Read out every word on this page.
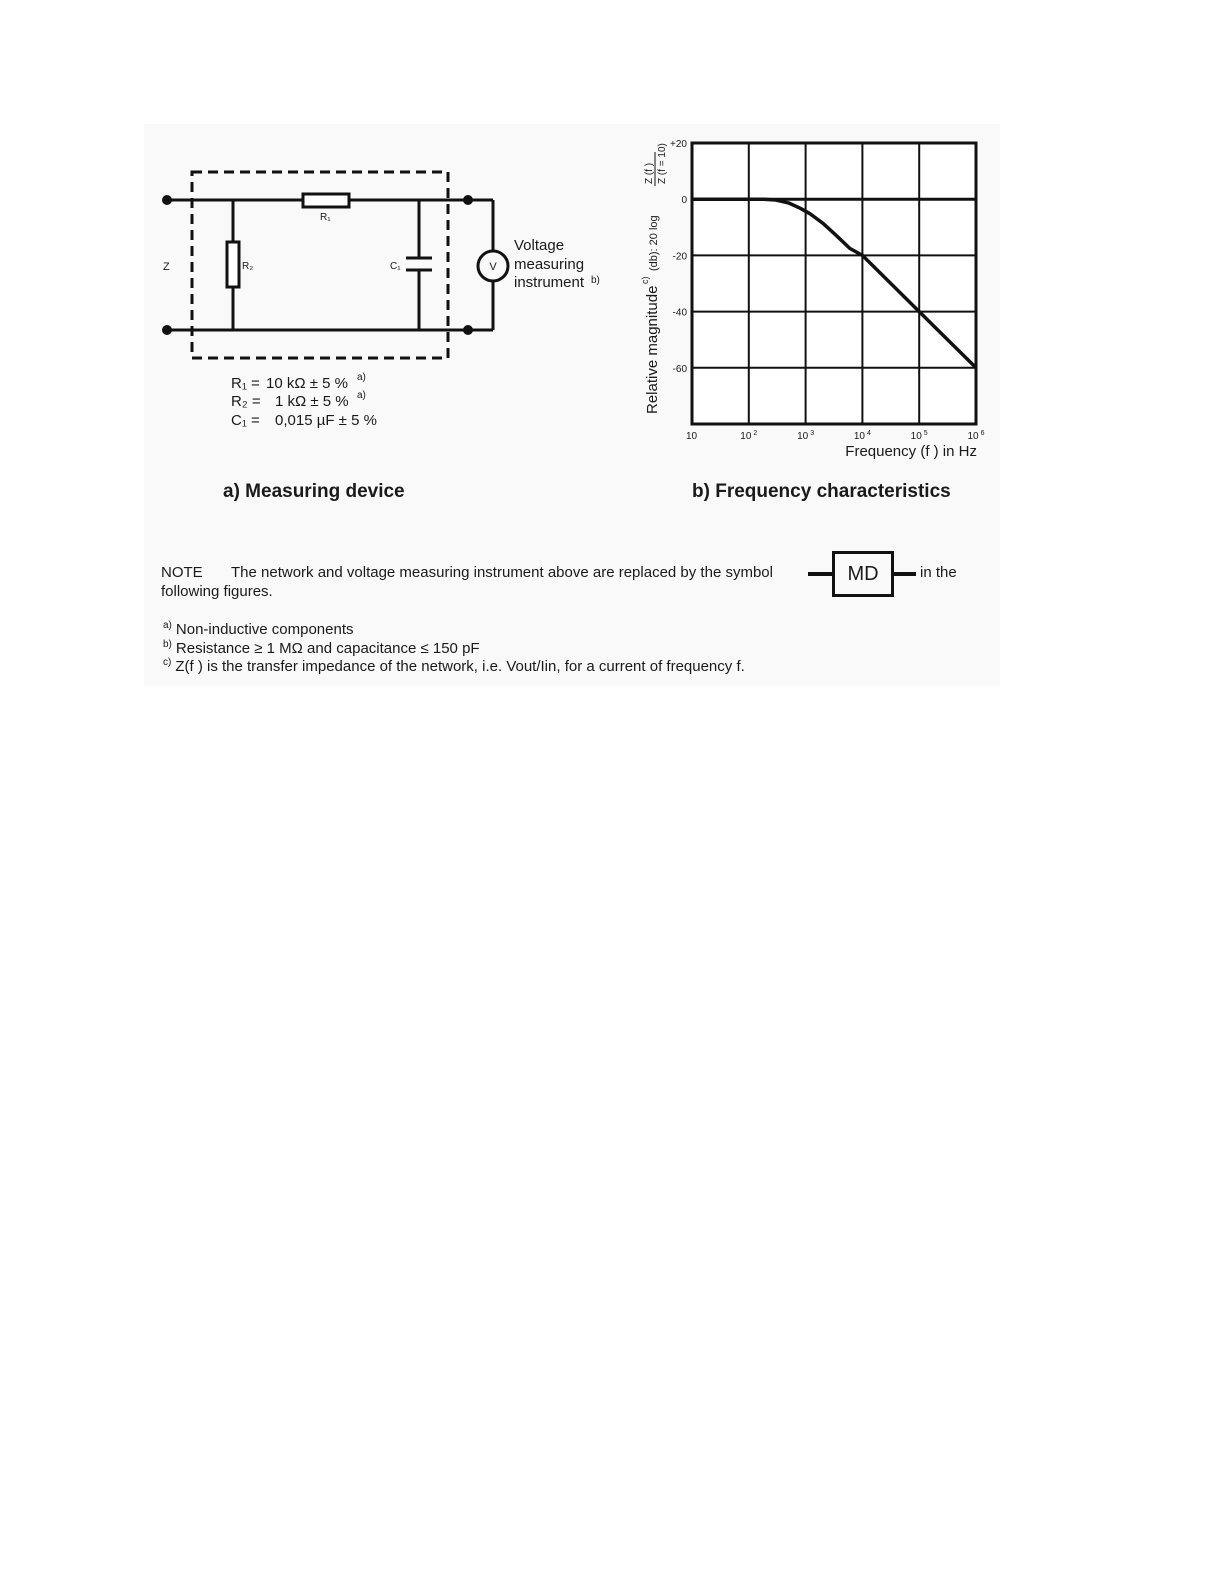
Z
R₁
R₂	C₁	V
Voltage
measuring
instrument b)
R₁ = 10 kΩ ± 5 % a)
R₂ = 1 kΩ ± 5 % a)
C₁ = 0,015 µF ± 5 %
a) Measuring device
10	10 $^2$	10 $^3$	10 $^4$	10 $^5$	10 $^6$
+20
0
-20
-40
-60
b) Frequency characteristics
Frequency (f ) in Hz
Relative magnitude
c)
(db): 20 log
Z (f ) Z (f = 10)
NOTE The network and voltage measuring instrument above are replaced by the symbol	MD	in the
following figures.
$^{a)}$ Non-inductive components
$^{b)}$ Resistance ≥ 1 MΩ and capacitance ≤ 150 pF
$^{c)}$ Z(f ) is the transfer impedance of the network, i.e. Vout/Iin, for a current of frequency f.
